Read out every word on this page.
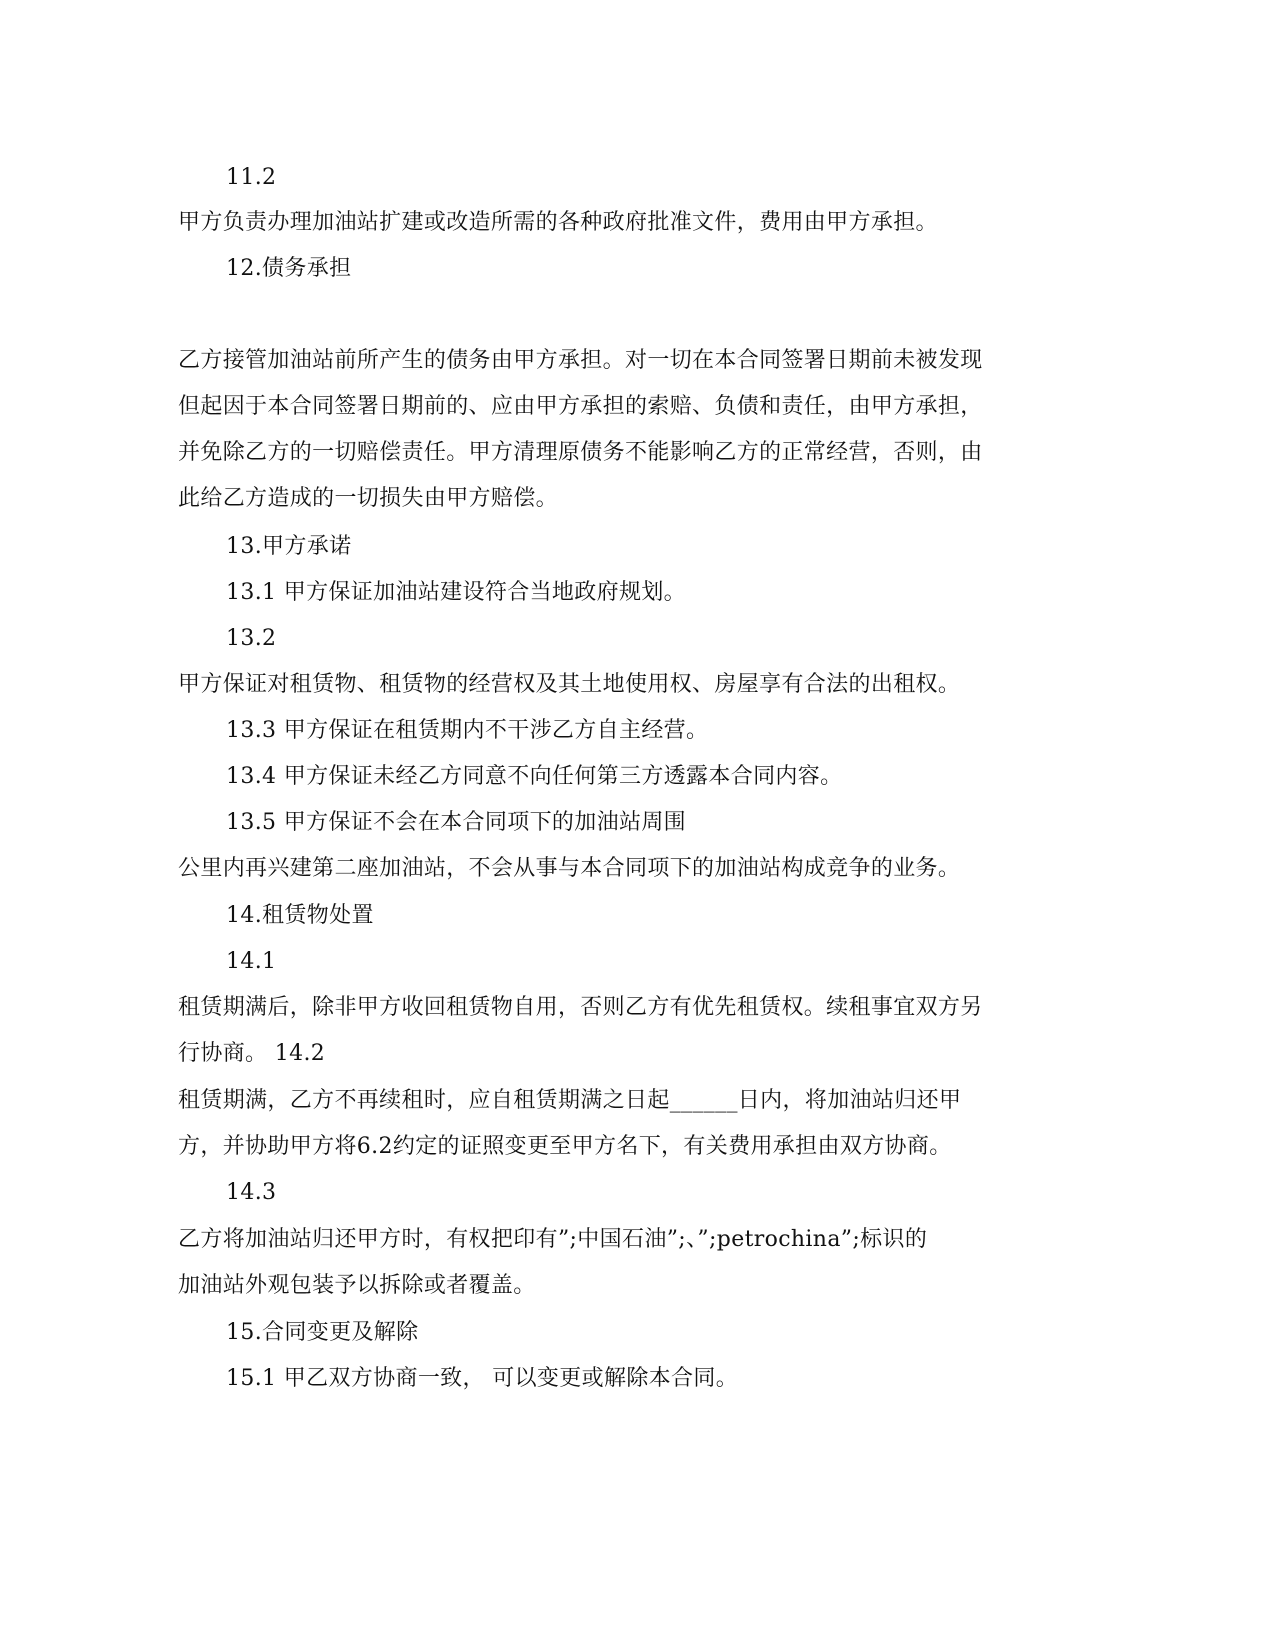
11.2
甲方负责办理加油站扩建或改造所需的各种政府批准文件，费用由甲方承担。
12.债务承担
乙方接管加油站前所产生的债务由甲方承担。对一切在本合同签署日期前未被发现
但起因于本合同签署日期前的、应由甲方承担的索赔、负债和责任，由甲方承担，
并免除乙方的一切赔偿责任。甲方清理原债务不能影响乙方的正常经营，否则，由
此给乙方造成的一切损失由甲方赔偿。
13.甲方承诺
13.1 甲方保证加油站建设符合当地政府规划。
13.2
甲方保证对租赁物、租赁物的经营权及其土地使用权、房屋享有合法的出租权。
13.3 甲方保证在租赁期内不干涉乙方自主经营。
13.4 甲方保证未经乙方同意不向任何第三方透露本合同内容。
13.5 甲方保证不会在本合同项下的加油站周围
公里内再兴建第二座加油站，不会从事与本合同项下的加油站构成竞争的业务。
14.租赁物处置
14.1
租赁期满后，除非甲方收回租赁物自用，否则乙方有优先租赁权。续租事宜双方另
行协商。 14.2
租赁期满，乙方不再续租时，应自租赁期满之日起______日内，将加油站归还甲
方，并协助甲方将6.2约定的证照变更至甲方名下，有关费用承担由双方协商。
14.3
乙方将加油站归还甲方时，有权把印有”;中国石油”;、”;petrochina”;标识的
加油站外观包装予以拆除或者覆盖。
15.合同变更及解除
15.1 甲乙双方协商一致， 可以变更或解除本合同。
